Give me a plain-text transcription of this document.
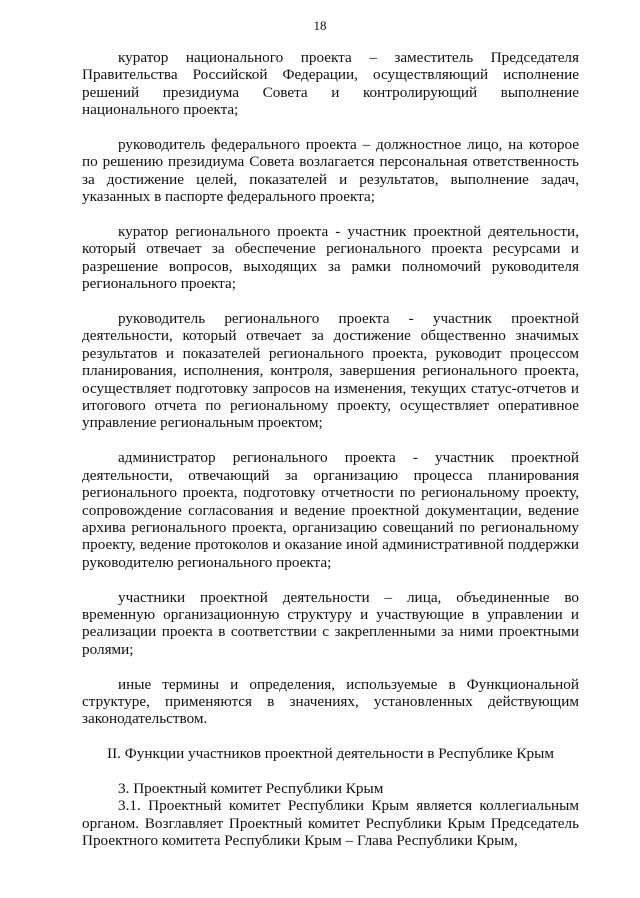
18

куратор национального проекта – заместитель Председателя Правительства Российской Федерации, осуществляющий исполнение решений президиума Совета и контролирующий выполнение национального проекта;

руководитель федерального проекта – должностное лицо, на которое по решению президиума Совета возлагается персональная ответственность за достижение целей, показателей и результатов, выполнение задач, указанных в паспорте федерального проекта;

куратор регионального проекта - участник проектной деятельности, который отвечает за обеспечение регионального проекта ресурсами и разрешение вопросов, выходящих за рамки полномочий руководителя регионального проекта;

руководитель регионального проекта - участник проектной деятельности, который отвечает за достижение общественно значимых результатов и показателей регионального проекта, руководит процессом планирования, исполнения, контроля, завершения регионального проекта, осуществляет подготовку запросов на изменения, текущих статус-отчетов и итогового отчета по региональному проекту, осуществляет оперативное управление региональным проектом;

администратор регионального проекта - участник проектной деятельности, отвечающий за организацию процесса планирования регионального проекта, подготовку отчетности по региональному проекту, сопровождение согласования и ведение проектной документации, ведение архива регионального проекта, организацию совещаний по региональному проекту, ведение протоколов и оказание иной административной поддержки руководителю регионального проекта;

участники проектной деятельности – лица, объединенные во временную организационную структуру и участвующие в управлении и реализации проекта в соответствии с закрепленными за ними проектными ролями;

иные термины и определения, используемые в Функциональной структуре, применяются в значениях, установленных действующим законодательством.

II. Функции участников проектной деятельности в Республике Крым

3. Проектный комитет Республики Крым

3.1. Проектный комитет Республики Крым является коллегиальным органом. Возглавляет Проектный комитет Республики Крым Председатель Проектного комитета Республики Крым – Глава Республики Крым,
